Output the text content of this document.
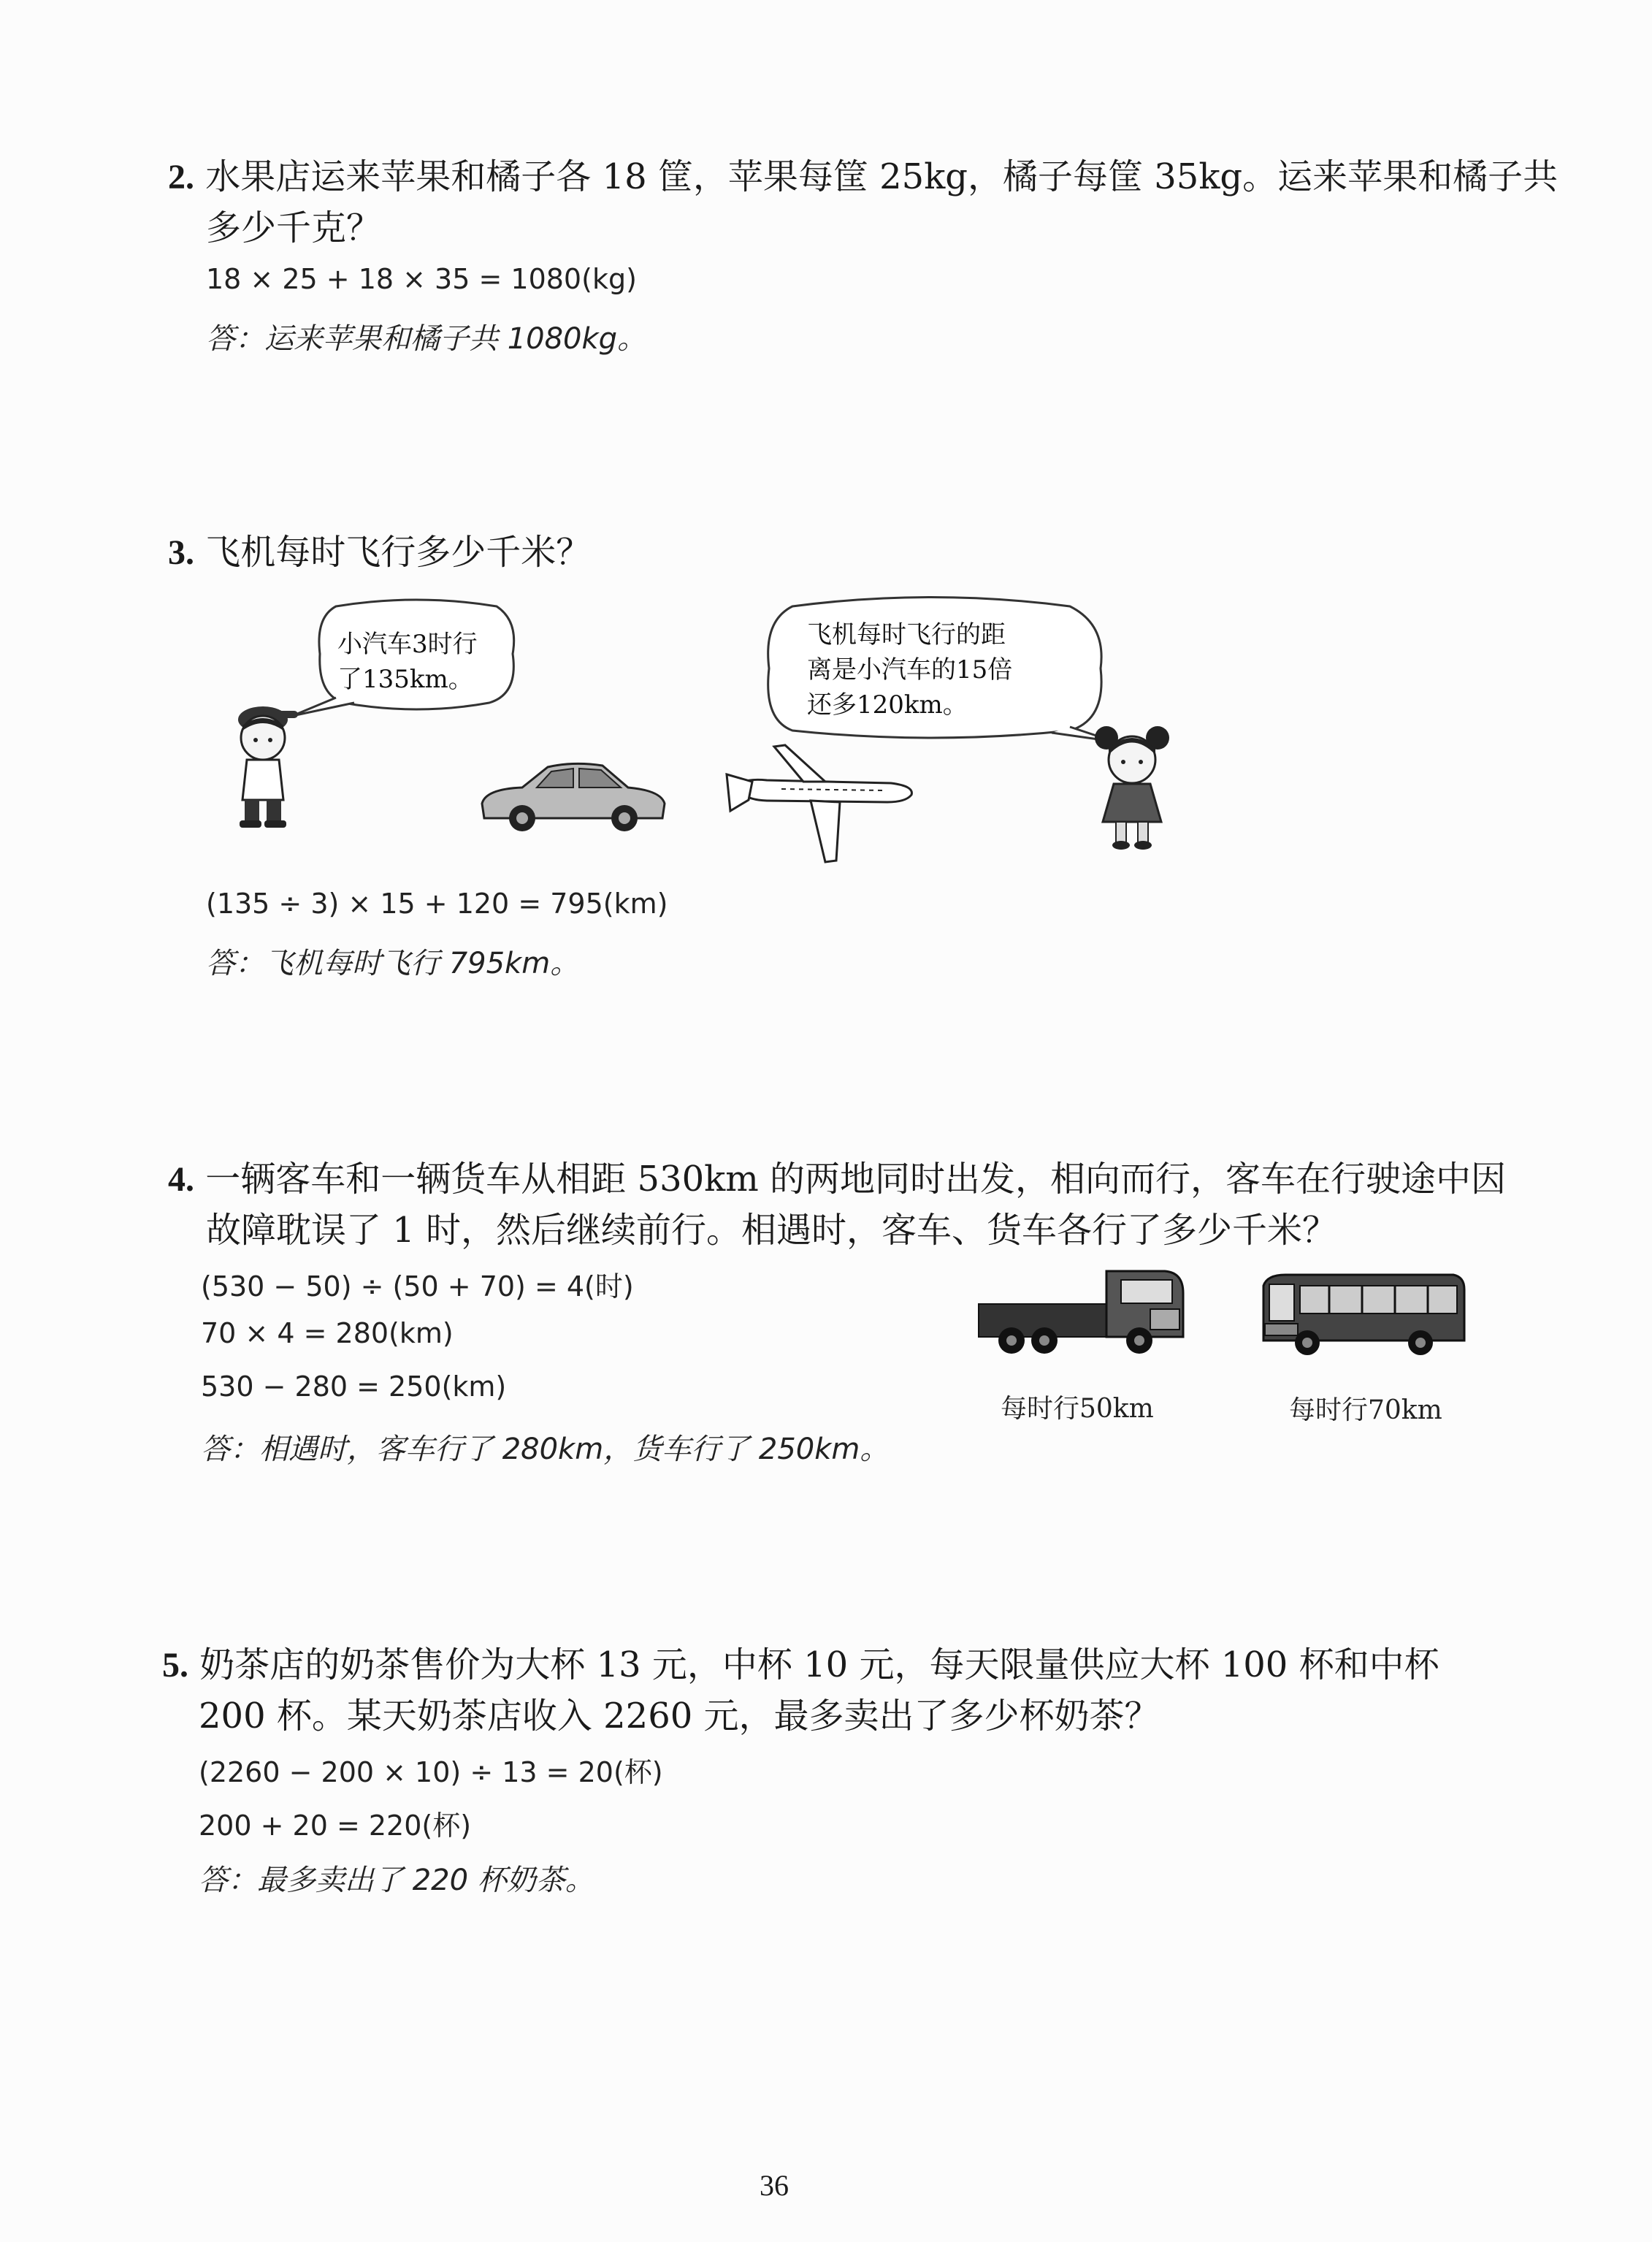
2. 水果店运来苹果和橘子各 18 筐，苹果每筐 25kg，橘子每筐 35kg。运来苹果和橘子共
多少千克？
18 × 25 + 18 × 35 = 1080(kg)
答：运来苹果和橘子共 1080kg。
3. 飞机每时飞行多少千米？
小汽车3时行
了135km。
飞机每时飞行的距
离是小汽车的15倍
还多120km。
(135 ÷ 3) × 15 + 120 = 795(km)
答：飞机每时飞行 795km。
4. 一辆客车和一辆货车从相距 530km 的两地同时出发，相向而行，客车在行驶途中因
故障耽误了 1 时，然后继续前行。相遇时，客车、货车各行了多少千米？
(530 − 50) ÷ (50 + 70) = 4(时)
70 × 4 = 280(km)
530 − 280 = 250(km)
答：相遇时，客车行了 280km，货车行了 250km。
每时行50km	每时行70km
5. 奶茶店的奶茶售价为大杯 13 元，中杯 10 元，每天限量供应大杯 100 杯和中杯
200 杯。某天奶茶店收入 2260 元，最多卖出了多少杯奶茶？
(2260 − 200 × 10) ÷ 13 = 20(杯)
200 + 20 = 220(杯)
答：最多卖出了 220 杯奶茶。
36
